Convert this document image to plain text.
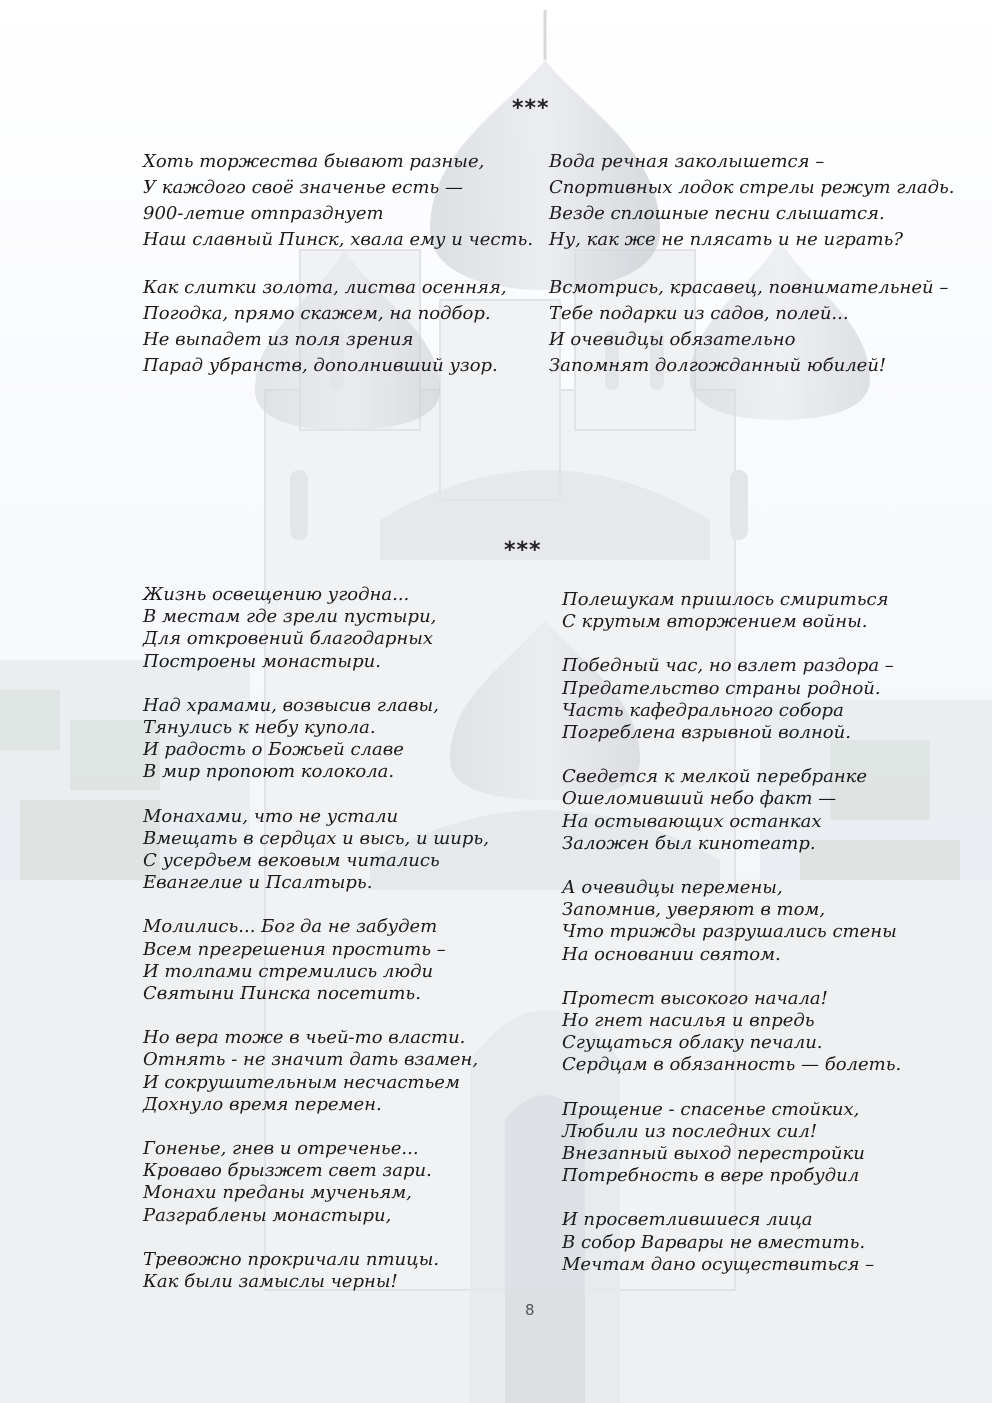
***
Хоть торжества бывают разные,
У каждого своё значенье есть —
900-летие отпразднует
Наш славный Пинск, хвала ему и честь.
Как слитки золота, листва осенняя,
Погодка, прямо скажем, на подбор.
Не выпадет из поля зрения
Парад убранств, дополнивший узор.
Вода речная заколышется –
Спортивных лодок стрелы режут гладь.
Везде сплошные песни слышатся.
Ну, как же не плясать и не играть?
Всмотрись, красавец, повнимательней –
Тебе подарки из садов, полей...
И очевидцы обязательно
Запомнят долгожданный юбилей!
***
Жизнь освещению угодна...
В местам где зрели пустыри,
Для откровений благодарных
Построены монастыри.
Над храмами, возвысив главы,
Тянулись к небу купола.
И радость о Божьей славе
В мир пропоют колокола.
Монахами, что не устали
Вмещать в сердцах и высь, и ширь,
С усердьем вековым читались
Евангелие и Псалтырь.
Молились... Бог да не забудет
Всем прегрешения простить –
И толпами стремились люди
Святыни Пинска посетить.
Но вера тоже в чьей-то власти.
Отнять - не значит дать взамен,
И сокрушительным несчастьем
Дохнуло время перемен.
Гоненье, гнев и отреченье...
Кроваво брызжет свет зари.
Монахи преданы мученьям,
Разграблены монастыри,
Тревожно прокричали птицы.
Как были замыслы черны!
Полешукам пришлось смириться
С крутым вторжением войны.
Победный час, но взлет раздора –
Предательство страны родной.
Часть кафедрального собора
Погреблена взрывной волной.
Сведется к мелкой перебранке
Ошеломивший небо факт —
На остывающих останках
Заложен был кинотеатр.
А очевидцы перемены,
Запомнив, уверяют в том,
Что трижды разрушались стены
На основании святом.
Протест высокого начала!
Но гнет насилья и впредь
Сгущаться облаку печали.
Сердцам в обязанность — болеть.
Прощение - спасенье стойких,
Любили из последних сил!
Внезапный выход перестройки
Потребность в вере пробудил
И просветлившиеся лица
В собор Варвары не вместить.
Мечтам дано осуществиться –
8
